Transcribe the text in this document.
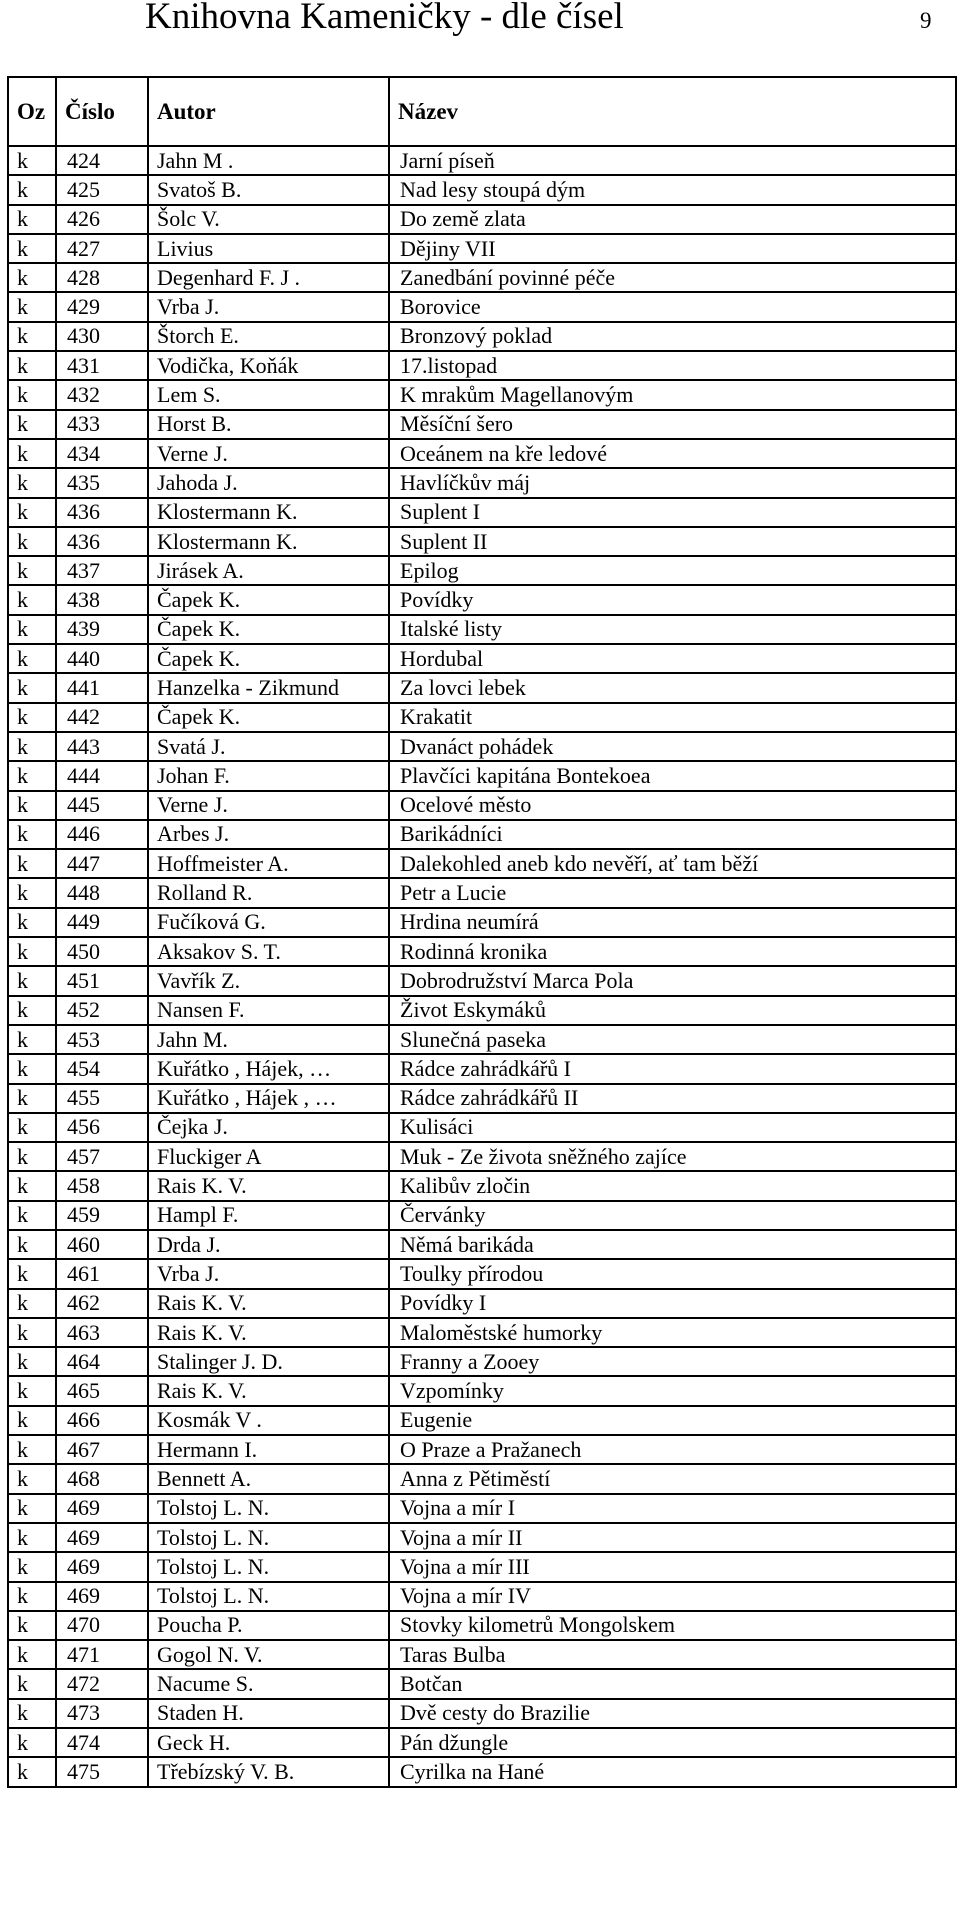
Knihovna Kameničky - dle čísel	9
Oz	Číslo	Autor	Název
k	424	Jahn M .	Jarní píseň
k	425	Svatoš B.	Nad lesy stoupá dým
k	426	Šolc V.	Do země zlata
k	427	Livius	Dějiny VII
k	428	Degenhard F. J .	Zanedbání povinné péče
k	429	Vrba J.	Borovice
k	430	Štorch E.	Bronzový poklad
k	431	Vodička, Koňák	17.listopad
k	432	Lem S.	K mrakům Magellanovým
k	433	Horst B.	Měsíční šero
k	434	Verne J.	Oceánem na kře ledové
k	435	Jahoda J.	Havlíčkův máj
k	436	Klostermann K.	Suplent I
k	436	Klostermann K.	Suplent II
k	437	Jirásek A.	Epilog
k	438	Čapek K.	Povídky
k	439	Čapek K.	Italské listy
k	440	Čapek K.	Hordubal
k	441	Hanzelka - Zikmund	Za lovci lebek
k	442	Čapek K.	Krakatit
k	443	Svatá J.	Dvanáct pohádek
k	444	Johan F.	Plavčíci kapitána Bontekoea
k	445	Verne J.	Ocelové město
k	446	Arbes J.	Barikádníci
k	447	Hoffmeister A.	Dalekohled aneb kdo nevěří, ať tam běží
k	448	Rolland R.	Petr a Lucie
k	449	Fučíková G.	Hrdina neumírá
k	450	Aksakov S. T.	Rodinná kronika
k	451	Vavřík Z.	Dobrodružství Marca Pola
k	452	Nansen F.	Život Eskymáků
k	453	Jahn M.	Slunečná paseka
k	454	Kuřátko , Hájek, …	Rádce zahrádkářů I
k	455	Kuřátko , Hájek , …	Rádce zahrádkářů II
k	456	Čejka J.	Kulisáci
k	457	Fluckiger A	Muk - Ze života sněžného zajíce
k	458	Rais K. V.	Kalibův zločin
k	459	Hampl F.	Červánky
k	460	Drda J.	Němá barikáda
k	461	Vrba J.	Toulky přírodou
k	462	Rais K. V.	Povídky I
k	463	Rais K. V.	Maloměstské humorky
k	464	Stalinger J. D.	Franny a Zooey
k	465	Rais K. V.	Vzpomínky
k	466	Kosmák V .	Eugenie
k	467	Hermann I.	O Praze a Pražanech
k	468	Bennett A.	Anna z Pětiměstí
k	469	Tolstoj L. N.	Vojna a mír I
k	469	Tolstoj L. N.	Vojna a mír II
k	469	Tolstoj L. N.	Vojna a mír III
k	469	Tolstoj L. N.	Vojna a mír IV
k	470	Poucha P.	Stovky kilometrů Mongolskem
k	471	Gogol N. V.	Taras Bulba
k	472	Nacume S.	Botčan
k	473	Staden H.	Dvě cesty do Brazilie
k	474	Geck H.	Pán džungle
k	475	Třebízský V. B.	Cyrilka na Hané
